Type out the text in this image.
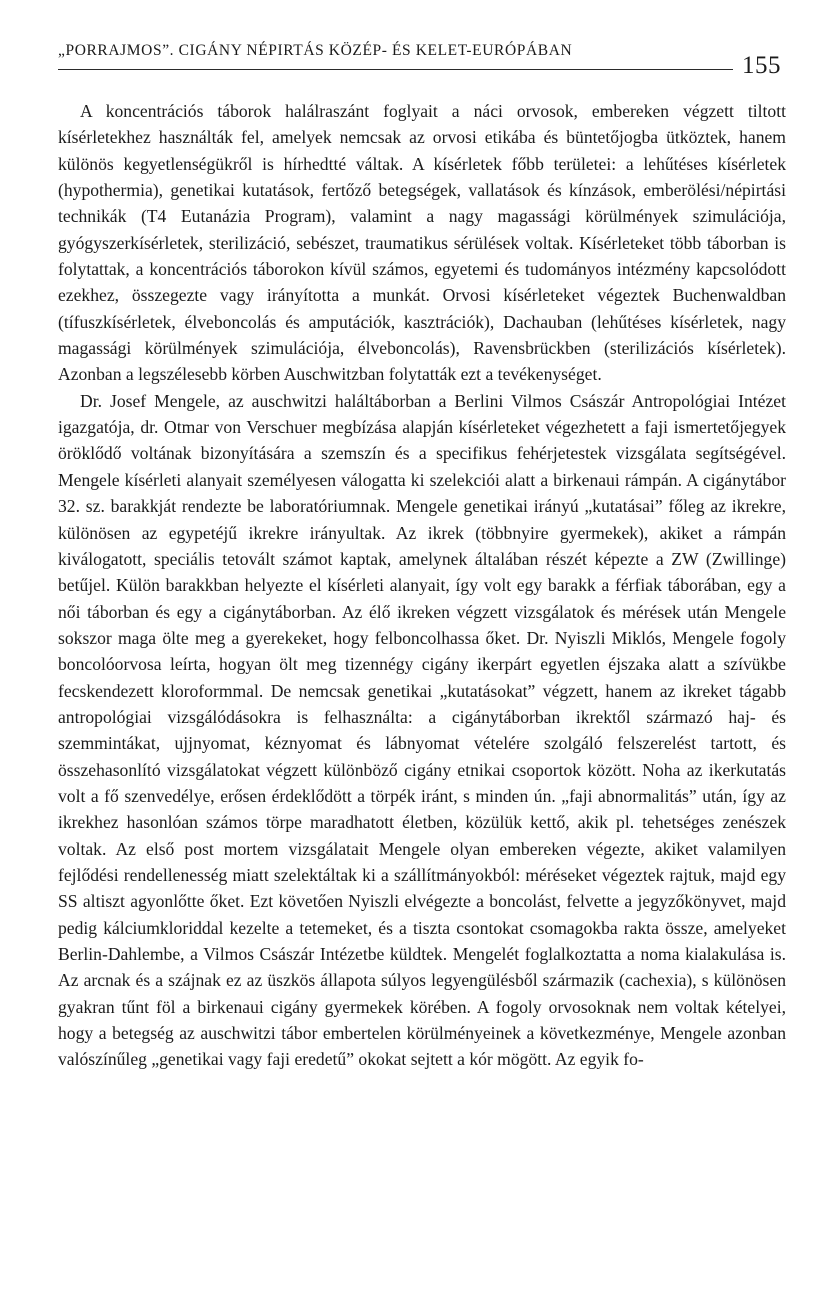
„PORRAJMOS”. CIGÁNY NÉPIRTÁS KÖZÉP- ÉS KELET-EURÓPÁBAN
155

A koncentrációs táborok halálraszánt foglyait a náci orvosok, embereken végzett tiltott kísérletekhez használták fel, amelyek nemcsak az orvosi etikába és büntetőjogba ütköztek, hanem különös kegyetlenségükről is hírhedtté váltak. A kísérletek főbb területei: a lehűtéses kísérletek (hypothermia), genetikai kutatások, fertőző betegségek, vallatások és kínzások, emberölési/népirtási technikák (T4 Eutanázia Program), valamint a nagy magassági körülmények szimulációja, gyógyszerkísérletek, sterilizáció, sebészet, traumatikus sérülések voltak. Kísérleteket több táborban is folytattak, a koncentrációs táborokon kívül számos, egyetemi és tudományos intézmény kapcsolódott ezekhez, összegezte vagy irányította a munkát. Orvosi kísérleteket végeztek Buchenwaldban (tífuszkísérletek, élveboncolás és amputációk, kasztrációk), Dachauban (lehűtéses kísérletek, nagy magassági körülmények szimulációja, élveboncolás), Ravensbrückben (sterilizációs kísérletek). Azonban a legszélesebb körben Auschwitzban folytatták ezt a tevékenységet.

Dr. Josef Mengele, az auschwitzi haláltáborban a Berlini Vilmos Császár Antropológiai Intézet igazgatója, dr. Otmar von Verschuer megbízása alapján kísérleteket végezhetett a faji ismertetőjegyek öröklődő voltának bizonyítására a szemszín és a specifikus fehérjetestek vizsgálata segítségével. Mengele kísérleti alanyait személyesen válogatta ki szelekciói alatt a birkenaui rámpán. A cigánytábor 32. sz. barakkját rendezte be laboratóriumnak. Mengele genetikai irányú „kutatásai” főleg az ikrekre, különösen az egypetéjű ikrekre irányultak. Az ikrek (többnyire gyermekek), akiket a rámpán kiválogatott, speciális tetovált számot kaptak, amelynek általában részét képezte a ZW (Zwillinge) betűjel. Külön barakkban helyezte el kísérleti alanyait, így volt egy barakk a férfiak táborában, egy a női táborban és egy a cigánytáborban. Az élő ikreken végzett vizsgálatok és mérések után Mengele sokszor maga ölte meg a gyerekeket, hogy felboncolhassa őket. Dr. Nyiszli Miklós, Mengele fogoly boncolóorvosa leírta, hogyan ölt meg tizennégy cigány ikerpárt egyetlen éjszaka alatt a szívükbe fecskendezett kloroformmal. De nemcsak genetikai „kutatásokat” végzett, hanem az ikreket tágabb antropológiai vizsgálódásokra is felhasználta: a cigánytáborban ikrektől származó haj- és szemmintákat, ujjnyomat, kéznyomat és lábnyomat vételére szolgáló felszerelést tartott, és összehasonlító vizsgálatokat végzett különböző cigány etnikai csoportok között. Noha az ikerkutatás volt a fő szenvedélye, erősen érdeklődött a törpék iránt, s minden ún. „faji abnormalitás” után, így az ikrekhez hasonlóan számos törpe maradhatott életben, közülük kettő, akik pl. tehetséges zenészek voltak. Az első post mortem vizsgálatait Mengele olyan embereken végezte, akiket valamilyen fejlődési rendellenesség miatt szelektáltak ki a szállítmányokból: méréseket végeztek rajtuk, majd egy SS altiszt agyonlőtte őket. Ezt követően Nyiszli elvégezte a boncolást, felvette a jegyzőkönyvet, majd pedig kálciumkloriddal kezelte a tetemeket, és a tiszta csontokat csomagokba rakta össze, amelyeket Berlin-Dahlembe, a Vilmos Császár Intézetbe küldtek. Mengelét foglalkoztatta a noma kialakulása is. Az arcnak és a szájnak ez az üszkös állapota súlyos legyengülésből származik (cachexia), s különösen gyakran tűnt föl a birkenaui cigány gyermekek körében. A fogoly orvosoknak nem voltak kételyei, hogy a betegség az auschwitzi tábor embertelen körülményeinek a következménye, Mengele azonban valószínűleg „genetikai vagy faji eredetű” okokat sejtett a kór mögött. Az egyik fo-
